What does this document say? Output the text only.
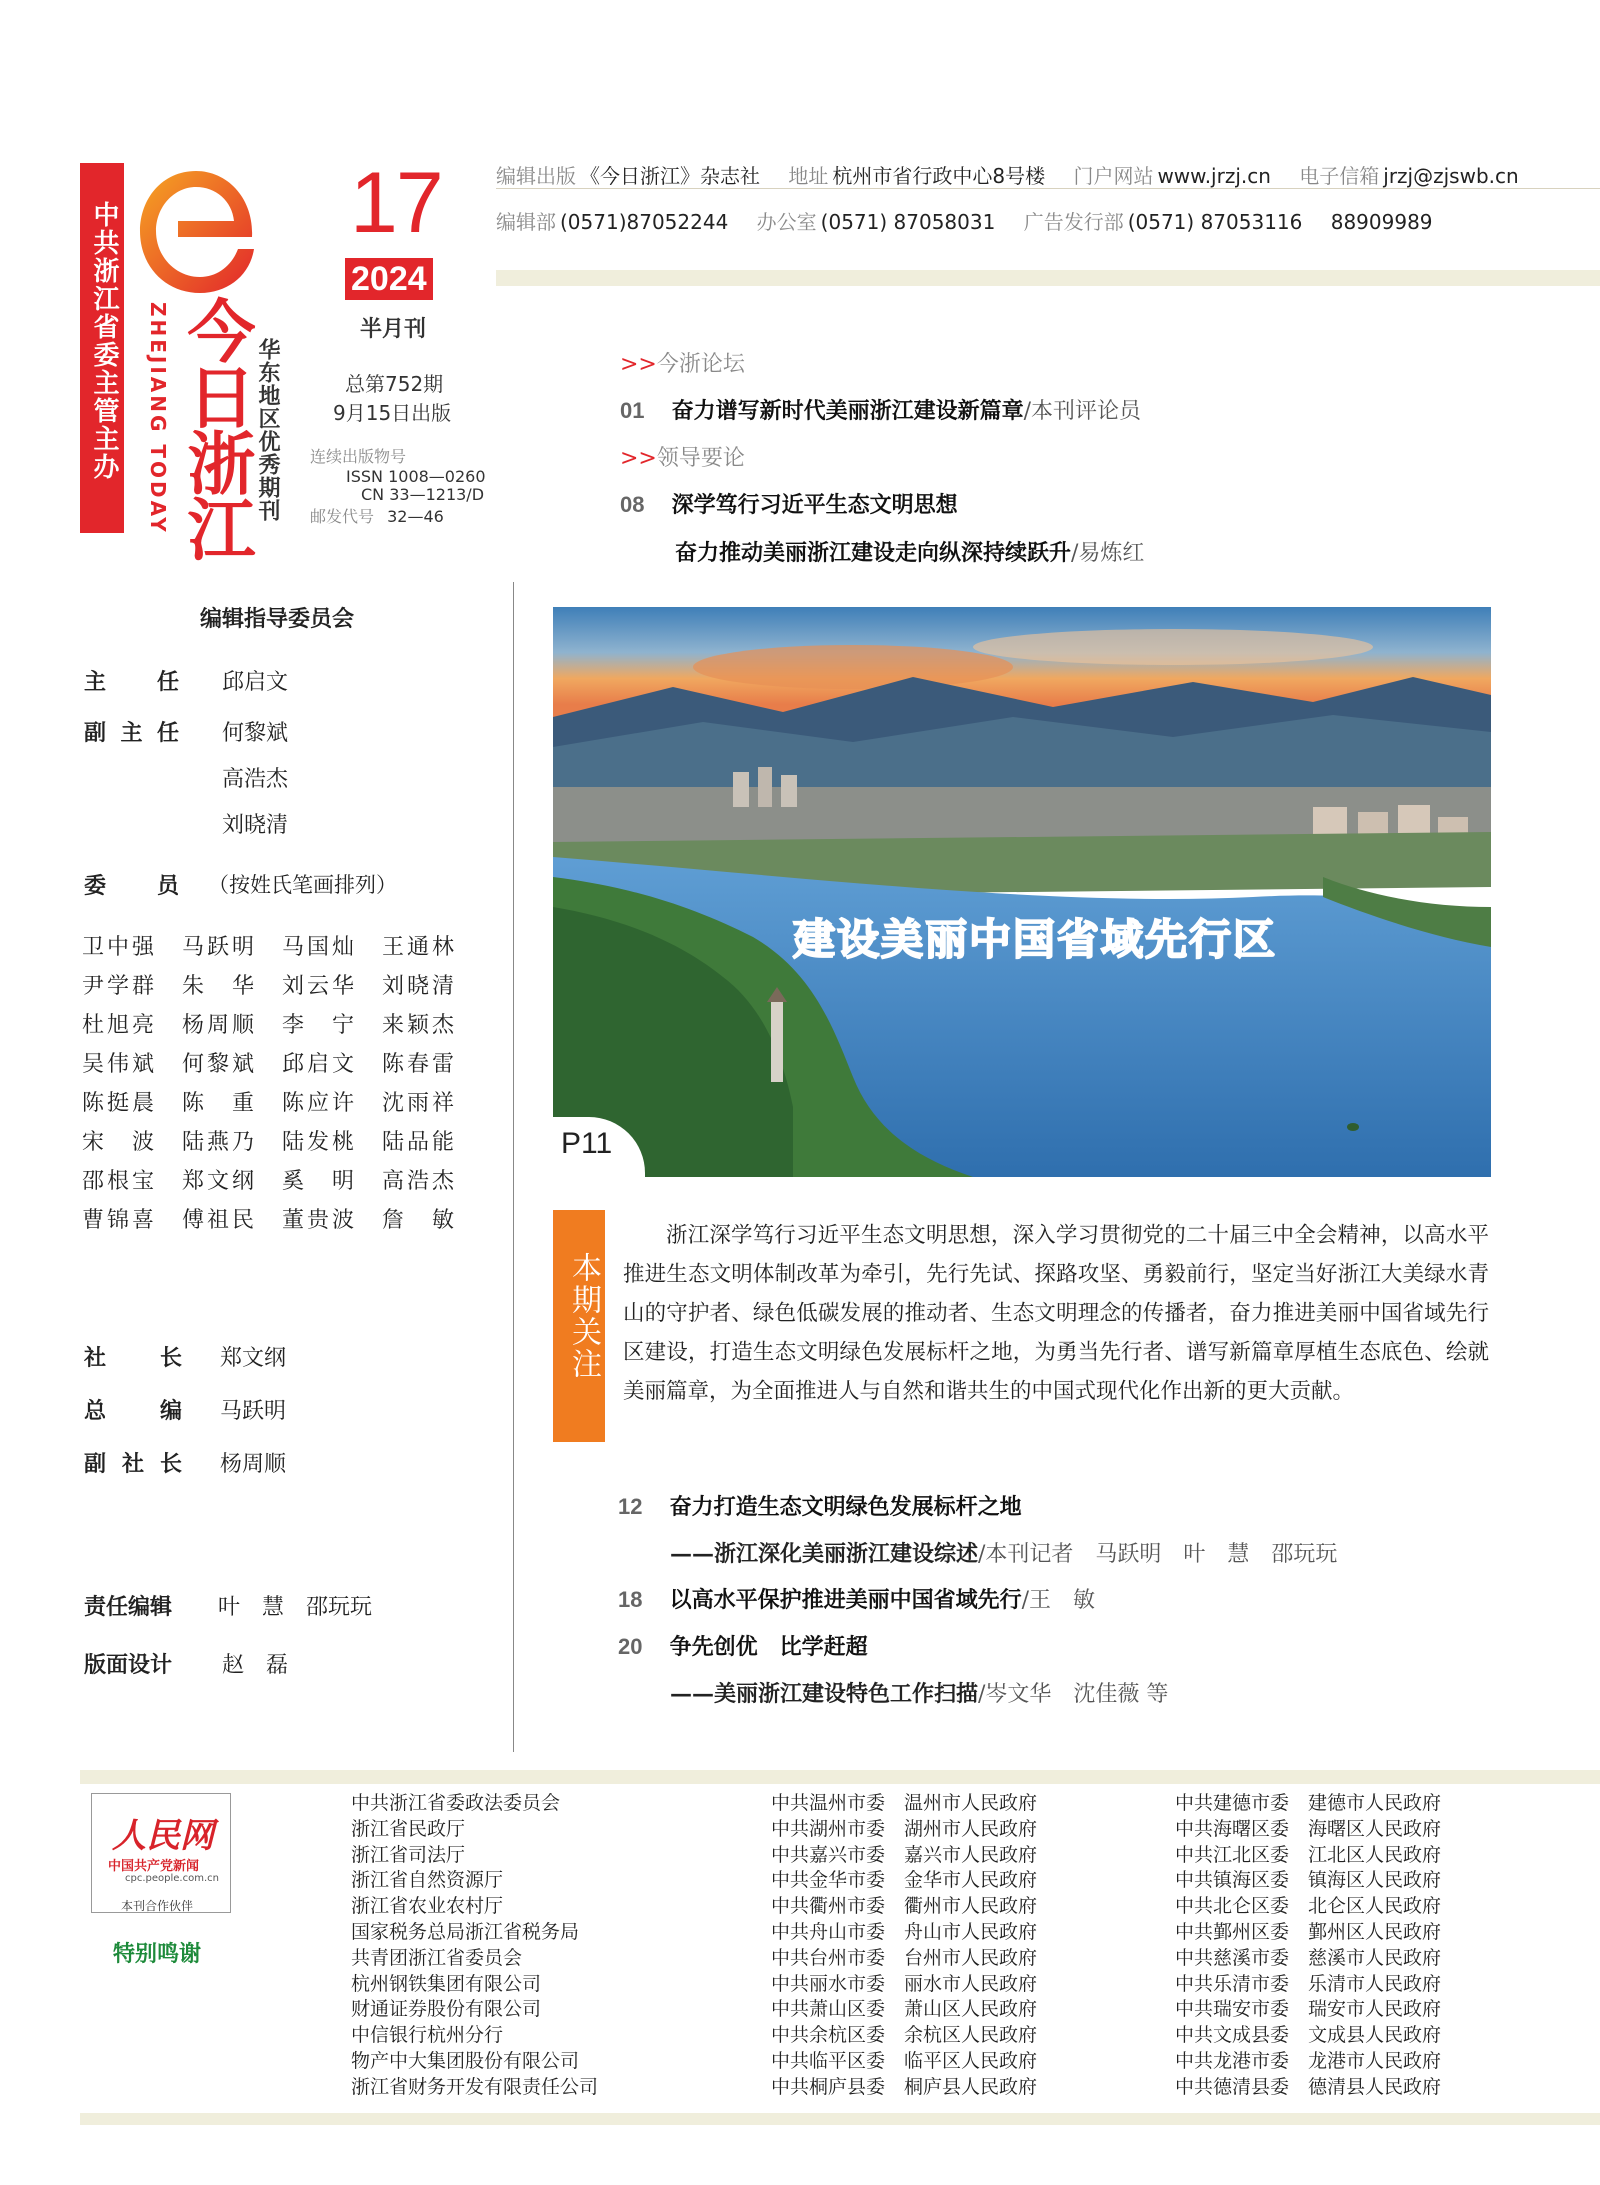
中共浙江省委主管主办 ZHEJIANG TODAY 今日浙江 华东地区优秀期刊
17
2024
半月刊
总第752期
9月15日出版
连续出版物号
ISSN 1008—0260
CN 33—1213/D
邮发代号 32—46
编辑出版 《今日浙江》杂志社 地址 杭州市省行政中心8号楼 门户网站 www.jrzj.cn 电子信箱 jrzj@zjswb.cn
编辑部 (0571)87052244 办公室 (0571) 87058031 广告发行部 (0571) 87053116 88909989
>>今浙论坛
01 奋力谱写新时代美丽浙江建设新篇章/本刊评论员
>>领导要论
08 深学笃行习近平生态文明思想
奋力推动美丽浙江建设走向纵深持续跃升/易炼红
编辑指导委员会
主　任 邱启文
副主任 何黎斌
高浩杰
刘晓清
委　员 （按姓氏笔画排列）
卫中强 马跃明 马国灿 王通林
尹学群 朱华 刘云华 刘晓清
杜旭亮 杨周顺 李宁 来颖杰
吴伟斌 何黎斌 邱启文 陈春雷
陈挺晨 陈重 陈应许 沈雨祥
宋波 陆燕乃 陆发桃 陆品能
邵根宝 郑文纲 奚明 高浩杰
曹锦喜 傅祖民 董贵波 詹敏
社　长 郑文纲
总　编 马跃明
副社长 杨周顺
责任编辑 叶　慧　邵玩玩
版面设计 赵　磊
建设美丽中国省域先行区
P11
本期关注
浙江深学笃行习近平生态文明思想，深入学习贯彻党的二十届三中全会精神，以高水平推进生态文明体制改革为牵引，先行先试、探路攻坚、勇毅前行，坚定当好浙江大美绿水青山的守护者、绿色低碳发展的推动者、生态文明理念的传播者，奋力推进美丽中国省域先行区建设，打造生态文明绿色发展标杆之地，为勇当先行者、谱写新篇章厚植生态底色、绘就美丽篇章，为全面推进人与自然和谐共生的中国式现代化作出新的更大贡献。
12 奋力打造生态文明绿色发展标杆之地
——浙江深化美丽浙江建设综述/本刊记者　马跃明　叶　慧　邵玩玩
18 以高水平保护推进美丽中国省域先行/王　敏
20 争先创优　比学赶超
——美丽浙江建设特色工作扫描/岑文华　沈佳薇 等
人民网
中国共产党新闻
cpc.people.com.cn
本刊合作伙伴
特别鸣谢
中共浙江省委政法委员会
浙江省民政厅
浙江省司法厅
浙江省自然资源厅
浙江省农业农村厅
国家税务总局浙江省税务局
共青团浙江省委员会
杭州钢铁集团有限公司
财通证券股份有限公司
中信银行杭州分行
物产中大集团股份有限公司
浙江省财务开发有限责任公司
中共温州市委　温州市人民政府
中共湖州市委　湖州市人民政府
中共嘉兴市委　嘉兴市人民政府
中共金华市委　金华市人民政府
中共衢州市委　衢州市人民政府
中共舟山市委　舟山市人民政府
中共台州市委　台州市人民政府
中共丽水市委　丽水市人民政府
中共萧山区委　萧山区人民政府
中共余杭区委　余杭区人民政府
中共临平区委　临平区人民政府
中共桐庐县委　桐庐县人民政府
中共建德市委　建德市人民政府
中共海曙区委　海曙区人民政府
中共江北区委　江北区人民政府
中共镇海区委　镇海区人民政府
中共北仑区委　北仑区人民政府
中共鄞州区委　鄞州区人民政府
中共慈溪市委　慈溪市人民政府
中共乐清市委　乐清市人民政府
中共瑞安市委　瑞安市人民政府
中共文成县委　文成县人民政府
中共龙港市委　龙港市人民政府
中共德清县委　德清县人民政府
